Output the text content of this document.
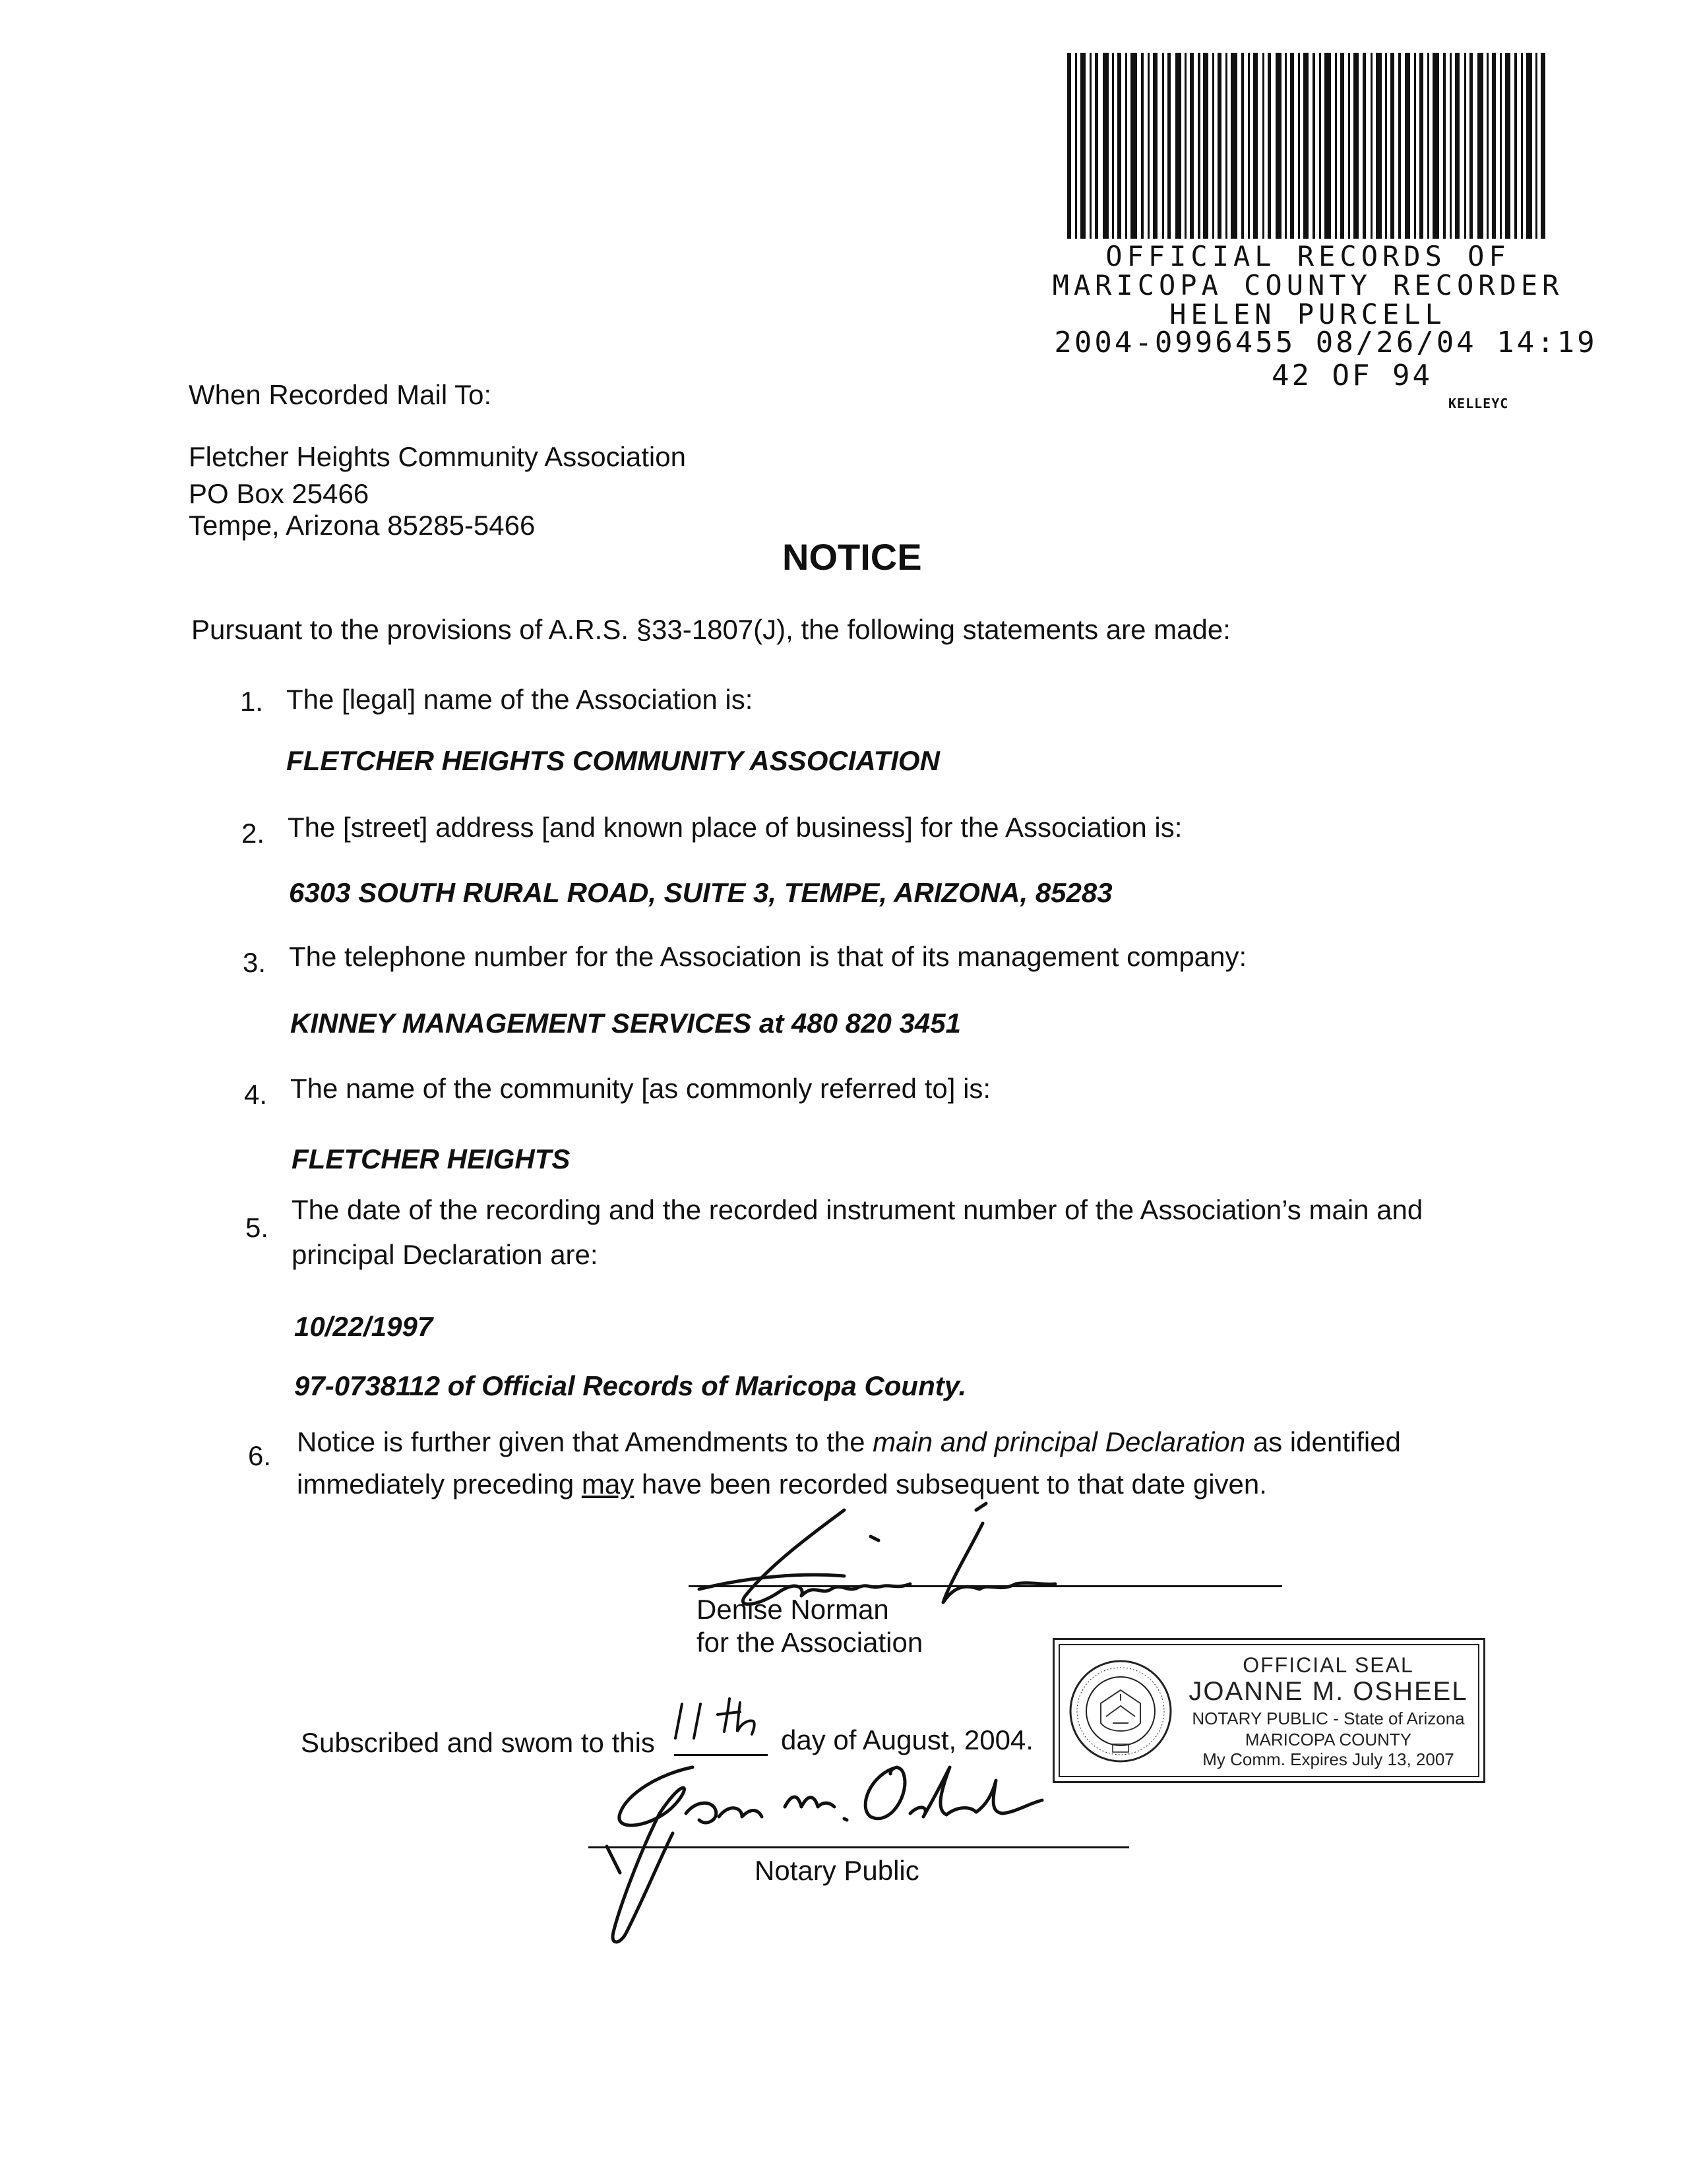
OFFICIAL RECORDS OF
MARICOPA COUNTY RECORDER
HELEN PURCELL
2004-0996455 08/26/04 14:19
42 OF 94
KELLEYC
When Recorded Mail To:
Fletcher Heights Community Association
PO Box 25466
Tempe, Arizona 85285-5466
NOTICE
Pursuant to the provisions of A.R.S. §33-1807(J), the following statements are made:
1. The [legal] name of the Association is:
FLETCHER HEIGHTS COMMUNITY ASSOCIATION
2. The [street] address [and known place of business] for the Association is:
6303 SOUTH RURAL ROAD, SUITE 3, TEMPE, ARIZONA, 85283
3. The telephone number for the Association is that of its management company:
KINNEY MANAGEMENT SERVICES at 480 820 3451
4. The name of the community [as commonly referred to] is:
FLETCHER HEIGHTS
5.
The date of the recording and the recorded instrument number of the Association’s main and
principal Declaration are:
10/22/1997
97-0738112 of Official Records of Maricopa County.
6. Notice is further given that Amendments to the main and principal Declaration as identified
immediately preceding may have been recorded subsequent to that date given.
Denise Norman
for the Association
Subscribed and swom to this	day of August, 2004.
Notary Public
OFFICIAL SEAL
JOANNE M. OSHEEL
NOTARY PUBLIC - State of Arizona
MARICOPA COUNTY
My Comm. Expires July 13, 2007
